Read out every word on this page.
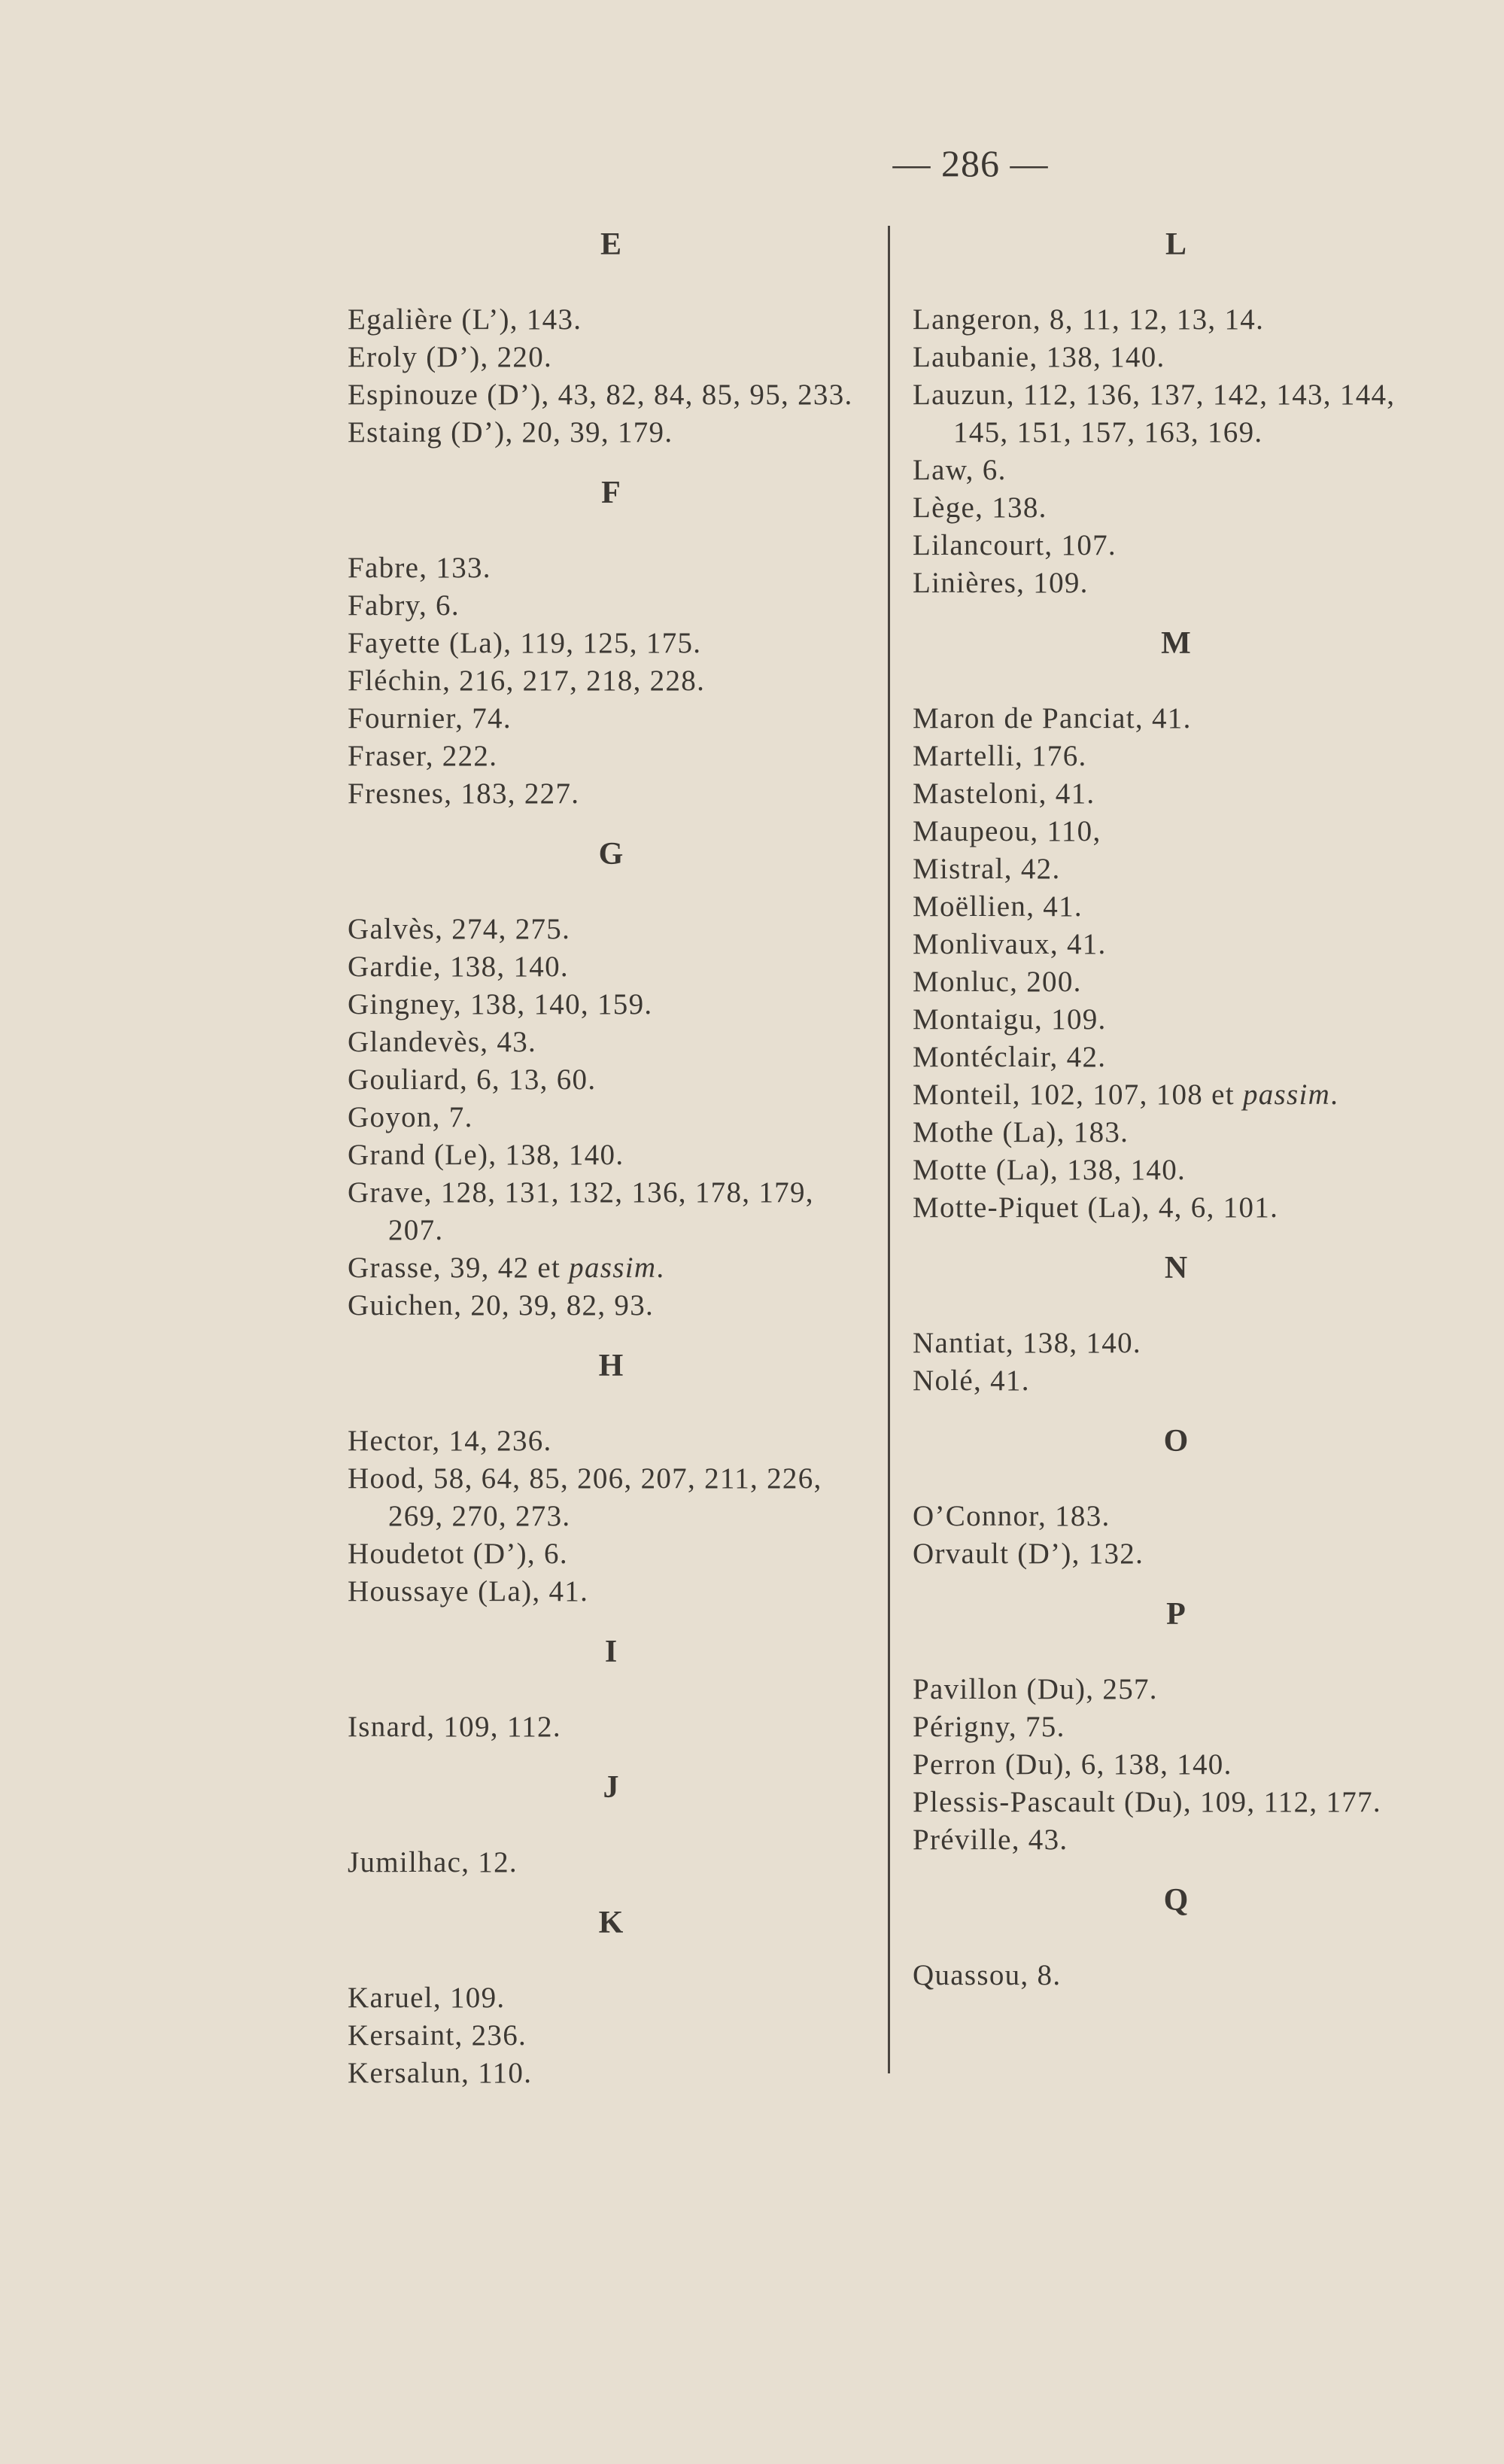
— 286 —
E
Egalière (L’), 143.
Eroly (D’), 220.
Espinouze (D’), 43, 82, 84, 85, 95, 233.
Estaing (D’), 20, 39, 179.
F
Fabre, 133.
Fabry, 6.
Fayette (La), 119, 125, 175.
Fléchin, 216, 217, 218, 228.
Fournier, 74.
Fraser, 222.
Fresnes, 183, 227.
G
Galvès, 274, 275.
Gardie, 138, 140.
Gingney, 138, 140, 159.
Glandevès, 43.
Gouliard, 6, 13, 60.
Goyon, 7.
Grand (Le), 138, 140.
Grave, 128, 131, 132, 136, 178, 179, 207.
Grasse, 39, 42 et passim.
Guichen, 20, 39, 82, 93.
H
Hector, 14, 236.
Hood, 58, 64, 85, 206, 207, 211, 226, 269, 270, 273.
Houdetot (D’), 6.
Houssaye (La), 41.
I
Isnard, 109, 112.
J
Jumilhac, 12.
K
Karuel, 109.
Kersaint, 236.
Kersalun, 110.
L
Langeron, 8, 11, 12, 13, 14.
Laubanie, 138, 140.
Lauzun, 112, 136, 137, 142, 143, 144, 145, 151, 157, 163, 169.
Law, 6.
Lège, 138.
Lilancourt, 107.
Linières, 109.
M
Maron de Panciat, 41.
Martelli, 176.
Masteloni, 41.
Maupeou, 110,
Mistral, 42.
Moëllien, 41.
Monlivaux, 41.
Monluc, 200.
Montaigu, 109.
Montéclair, 42.
Monteil, 102, 107, 108 et passim.
Mothe (La), 183.
Motte (La), 138, 140.
Motte-Piquet (La), 4, 6, 101.
N
Nantiat, 138, 140.
Nolé, 41.
O
O’Connor, 183.
Orvault (D’), 132.
P
Pavillon (Du), 257.
Périgny, 75.
Perron (Du), 6, 138, 140.
Plessis-Pascault (Du), 109, 112, 177.
Préville, 43.
Q
Quassou, 8.
